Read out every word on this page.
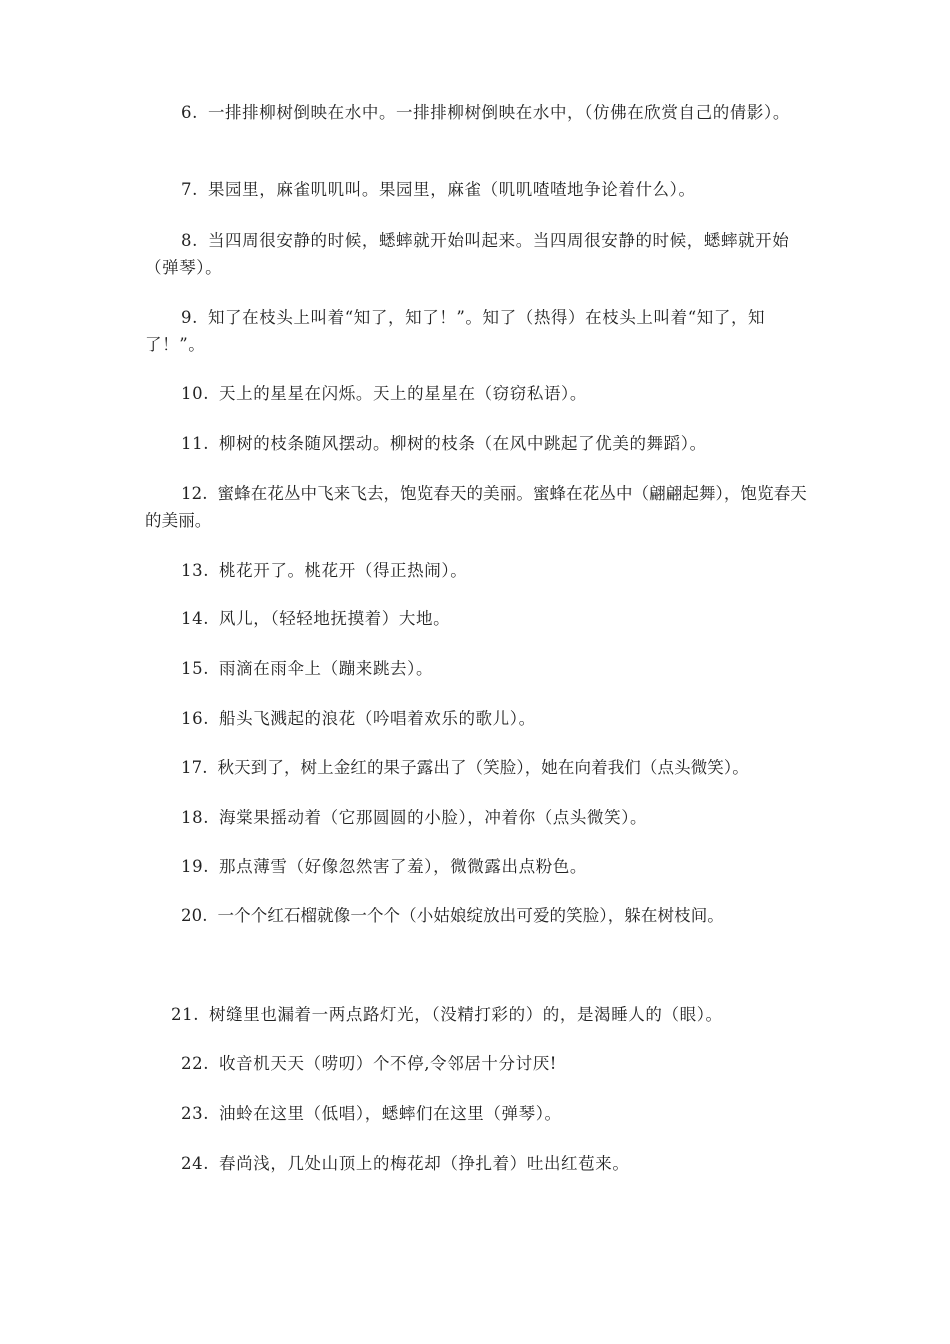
6. 一排排柳树倒映在水中。一排排柳树倒映在水中，（仿佛在欣赏自己的倩影）。

7. 果园里，麻雀叽叽叫。果园里，麻雀（叽叽喳喳地争论着什么）。

8. 当四周很安静的时候，蟋蟀就开始叫起来。当四周很安静的时候，蟋蟀就开始（弹琴）。

9. 知了在枝头上叫着“知了，知了！”。知了（热得）在枝头上叫着“知了，知了！”。

10. 天上的星星在闪烁。天上的星星在（窃窃私语）。

11. 柳树的枝条随风摆动。柳树的枝条（在风中跳起了优美的舞蹈）。

12. 蜜蜂在花丛中飞来飞去，饱览春天的美丽。蜜蜂在花丛中（翩翩起舞），饱览春天的美丽。

13. 桃花开了。桃花开（得正热闹）。

14. 风儿，（轻轻地抚摸着）大地。

15. 雨滴在雨伞上（蹦来跳去）。

16. 船头飞溅起的浪花（吟唱着欢乐的歌儿）。

17. 秋天到了，树上金红的果子露出了（笑脸），她在向着我们（点头微笑）。

18. 海棠果摇动着（它那圆圆的小脸），冲着你（点头微笑）。

19. 那点薄雪（好像忽然害了羞），微微露出点粉色。

20. 一个个红石榴就像一个个（小姑娘绽放出可爱的笑脸），躲在树枝间。

21. 树缝里也漏着一两点路灯光，（没精打彩的）的，是渴睡人的（眼）。

22. 收音机天天（唠叨）个不停,令邻居十分讨厌!

23. 油蛉在这里（低唱），蟋蟀们在这里（弹琴）。

24. 春尚浅，几处山顶上的梅花却（挣扎着）吐出红苞来。
